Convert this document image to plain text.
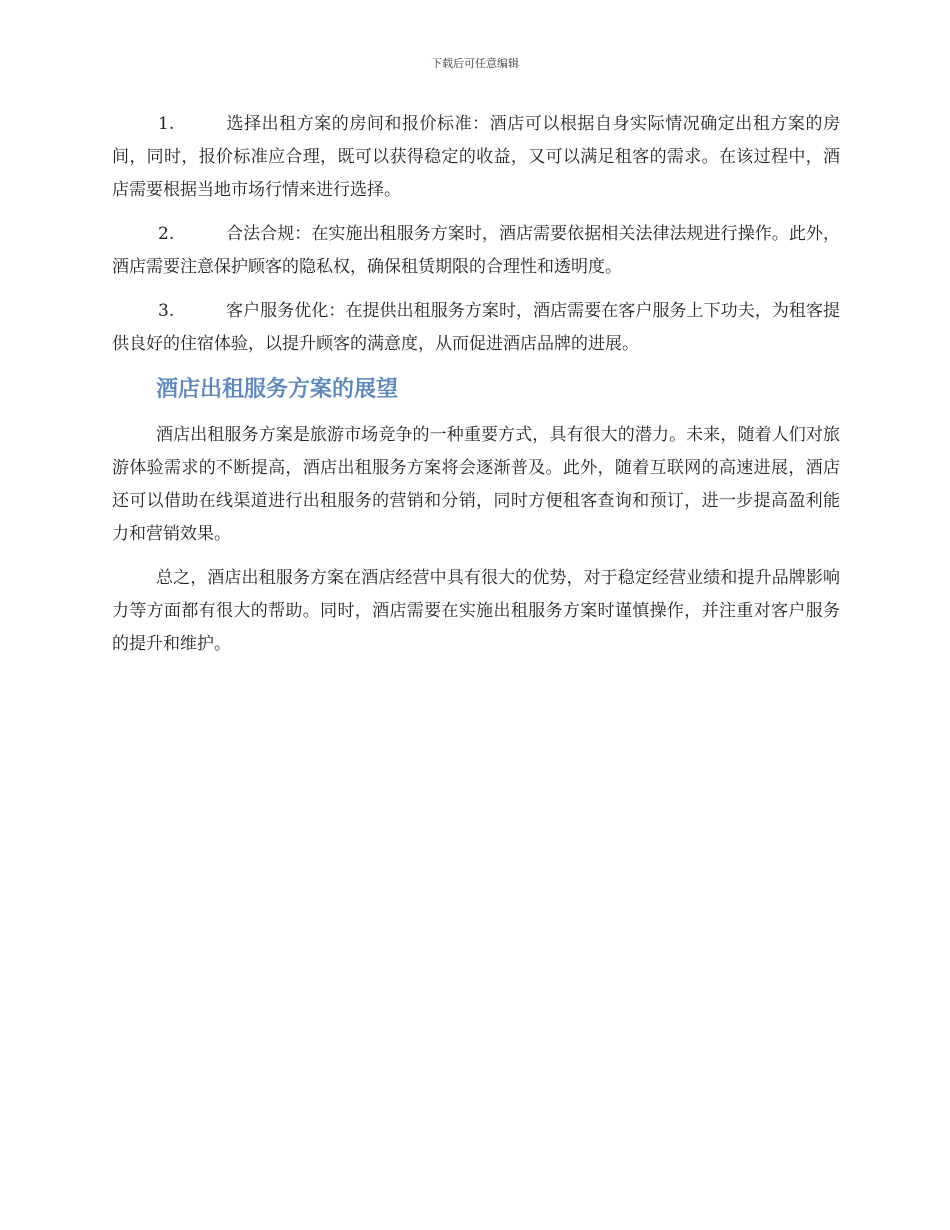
下载后可任意编辑

1.	选择出租方案的房间和报价标准：酒店可以根据自身实际情况确定出租方案的房间，同时，报价标准应合理，既可以获得稳定的收益，又可以满足租客的需求。在该过程中，酒店需要根据当地市场行情来进行选择。

2.	合法合规：在实施出租服务方案时，酒店需要依据相关法律法规进行操作。此外，酒店需要注意保护顾客的隐私权，确保租赁期限的合理性和透明度。

3.	客户服务优化：在提供出租服务方案时，酒店需要在客户服务上下功夫，为租客提供良好的住宿体验，以提升顾客的满意度，从而促进酒店品牌的进展。

酒店出租服务方案的展望

酒店出租服务方案是旅游市场竞争的一种重要方式，具有很大的潜力。未来，随着人们对旅游体验需求的不断提高，酒店出租服务方案将会逐渐普及。此外，随着互联网的高速进展，酒店还可以借助在线渠道进行出租服务的营销和分销，同时方便租客查询和预订，进一步提高盈利能力和营销效果。

总之，酒店出租服务方案在酒店经营中具有很大的优势，对于稳定经营业绩和提升品牌影响力等方面都有很大的帮助。同时，酒店需要在实施出租服务方案时谨慎操作，并注重对客户服务的提升和维护。
